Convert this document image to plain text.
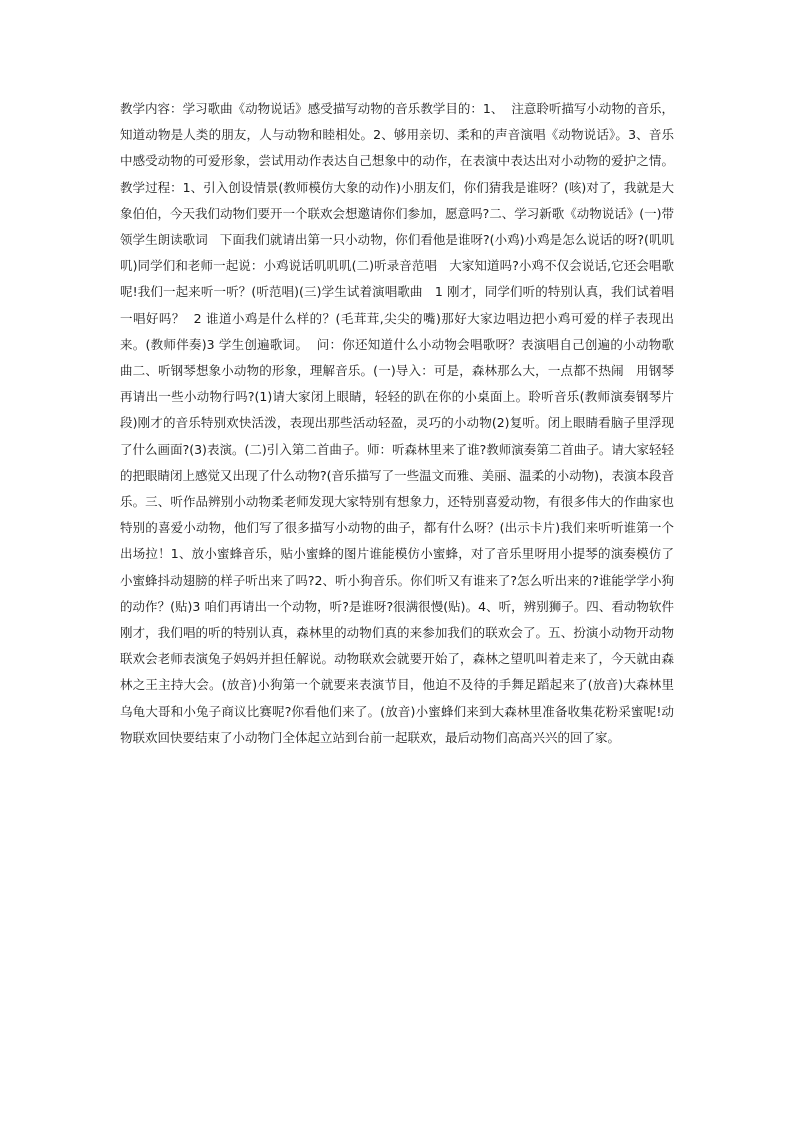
教学内容：学习歌曲《动物说话》感受描写动物的音乐教学目的：1、  注意聆听描写小动物的音乐，知道动物是人类的朋友，人与动物和睦相处。2、够用亲切、柔和的声音演唱《动物说话》。3、音乐中感受动物的可爱形象，尝试用动作表达自己想象中的动作，在表演中表达出对小动物的爱护之情。教学过程：1、引入创设情景(教师模仿大象的动作)小朋友们，你们猜我是谁呀？(咳)对了，我就是大象伯伯，今天我们动物们要开一个联欢会想邀请你们参加，愿意吗?二、学习新歌《动物说话》(一)带领学生朗读歌词   下面我们就请出第一只小动物，你们看他是谁呀?(小鸡)小鸡是怎么说话的呀?(叽叽叽)同学们和老师一起说：小鸡说话叽叽叽(二)听录音范唱   大家知道吗?小鸡不仅会说话,它还会唱歌呢!我们一起来听一听？(听范唱)(三)学生试着演唱歌曲   1 刚才，同学们听的特别认真，我们试着唱一唱好吗？  2 谁道小鸡是什么样的？(毛茸茸,尖尖的嘴)那好大家边唱边把小鸡可爱的样子表现出来。(教师伴奏)3 学生创遍歌词。  问：你还知道什么小动物会唱歌呀？表演唱自己创遍的小动物歌曲二、听钢琴想象小动物的形象，理解音乐。(一)导入：可是，森林那么大，一点都不热闹   用钢琴再请出一些小动物行吗?(1)请大家闭上眼睛，轻轻的趴在你的小桌面上。聆听音乐(教师演奏钢琴片段)刚才的音乐特别欢快活泼，表现出那些活动轻盈，灵巧的小动物(2)复听。闭上眼睛看脑子里浮现了什么画面?(3)表演。(二)引入第二首曲子。师：听森林里来了谁?教师演奏第二首曲子。请大家轻轻的把眼睛闭上感觉又出现了什么动物?(音乐描写了一些温文而雅、美丽、温柔的小动物)，表演本段音乐。三、听作品辨别小动物柔老师发现大家特别有想象力，还特别喜爱动物，有很多伟大的作曲家也特别的喜爱小动物，他们写了很多描写小动物的曲子，都有什么呀？(出示卡片)我们来听听谁第一个出场拉！1、放小蜜蜂音乐，贴小蜜蜂的图片谁能模仿小蜜蜂，对了音乐里呀用小提琴的演奏模仿了小蜜蜂抖动翅膀的样子听出来了吗?2、听小狗音乐。你们听又有谁来了?怎么听出来的?谁能学学小狗的动作？(贴)3 咱们再请出一个动物，听?是谁呀?很满很慢(贴)。4、听，辨别狮子。四、看动物软件   刚才，我们唱的听的特别认真，森林里的动物们真的来参加我们的联欢会了。五、扮演小动物开动物联欢会老师表演兔子妈妈并担任解说。动物联欢会就要开始了，森林之望叽叫着走来了，今天就由森林之王主持大会。(放音)小狗第一个就要来表演节目，他迫不及待的手舞足蹈起来了(放音)大森林里乌龟大哥和小兔子商议比赛呢?你看他们来了。(放音)小蜜蜂们来到大森林里准备收集花粉采蜜呢!动物联欢回快要结束了小动物门全体起立站到台前一起联欢，最后动物们高高兴兴的回了家。
